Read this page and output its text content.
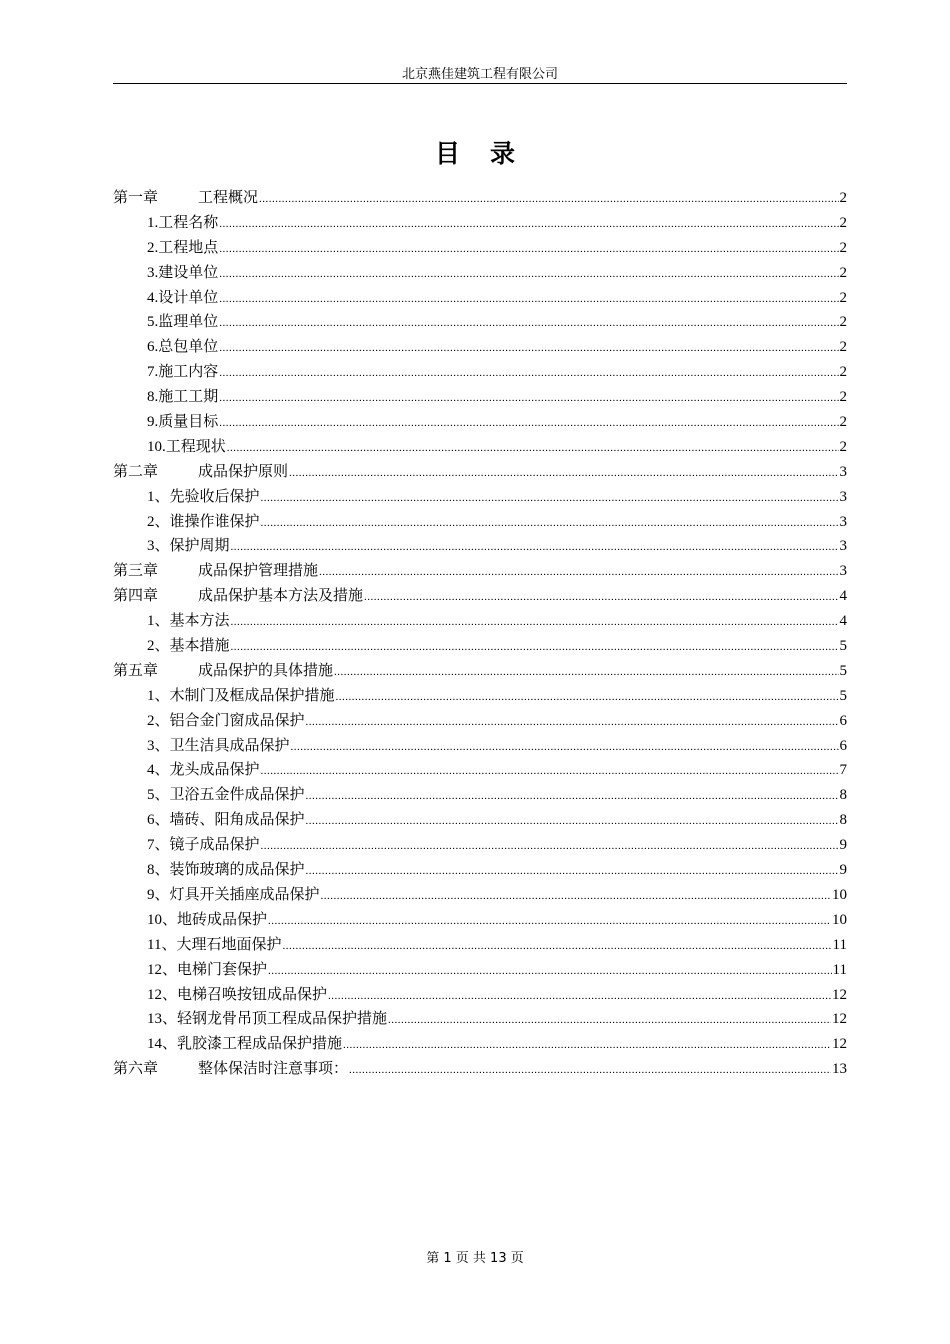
北京燕佳建筑工程有限公司
目录
第一章	工程概况 .....	2
1.工程名称 .....	2
2.工程地点 .....	2
3.建设单位 .....	2
4.设计单位 .....	2
5.监理单位 .....	2
6.总包单位 .....	2
7.施工内容 .....	2
8.施工工期 .....	2
9.质量目标 .....	2
10.工程现状 .....	2
第二章	成品保护原则 .....	3
1、先验收后保护 .....	3
2、谁操作谁保护 .....	3
3、保护周期 .....	3
第三章	成品保护管理措施 .....	3
第四章	成品保护基本方法及措施 .....	4
1、基本方法 .....	4
2、基本措施 .....	5
第五章	成品保护的具体措施 .....	5
1、木制门及框成品保护措施 .....	5
2、铝合金门窗成品保护 .....	6
3、卫生洁具成品保护 .....	6
4、龙头成品保护 .....	7
5、卫浴五金件成品保护 .....	8
6、墙砖、阳角成品保护 .....	8
7、镜子成品保护 .....	9
8、装饰玻璃的成品保护 .....	9
9、灯具开关插座成品保护 .....	10
10、地砖成品保护 .....	10
11、大理石地面保护 .....	11
12、电梯门套保护 .....	11
12、电梯召唤按钮成品保护 .....	12
13、轻钢龙骨吊顶工程成品保护措施 .....	12
14、乳胶漆工程成品保护措施 .....	12
第六章	整体保洁时注意事项： .....	13
第 1 页 共 13 页
